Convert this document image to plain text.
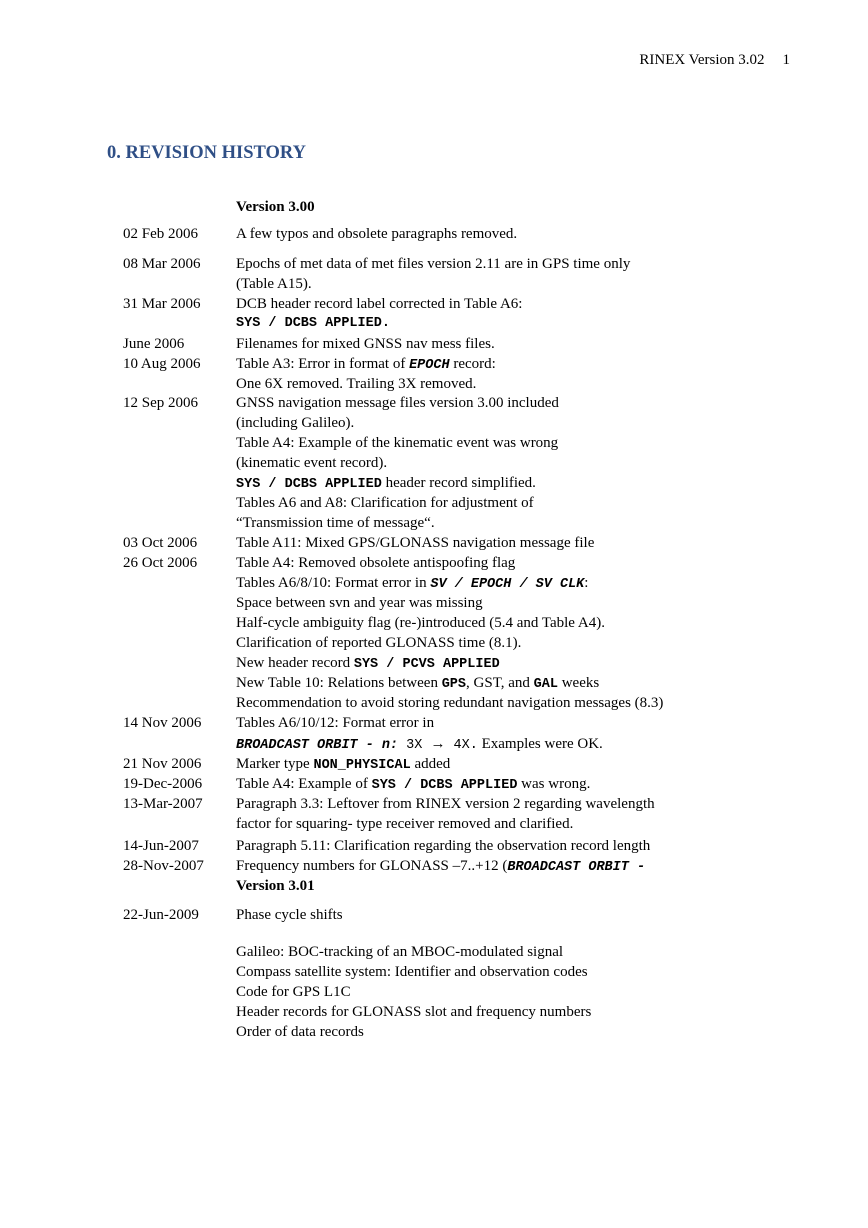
RINEX Version 3.02 1
0. REVISION HISTORY
Version 3.00
02 Feb 2006	A few typos and obsolete paragraphs removed.
08 Mar 2006 Epochs of met data of met files version 2.11 are in GPS time only
(Table A15).
31 Mar 2006 DCB header record label corrected in Table A6:
SYS / DCBS APPLIED.
June 2006	Filenames for mixed GNSS nav mess files.
10 Aug 2006 Table A3: Error in format of EPOCH record:
One 6X removed. Trailing 3X removed.
12 Sep 2006	GNSS navigation message files version 3.00 included
(including Galileo).
Table A4: Example of the kinematic event was wrong
(kinematic event record).
SYS / DCBS APPLIED header record simplified.
Tables A6 and A8: Clarification for adjustment of
“Transmission time of message“.
03 Oct 2006	Table A11: Mixed GPS/GLONASS navigation message file
26 Oct 2006	Table A4: Removed obsolete antispoofing flag
Tables A6/8/10: Format error in SV / EPOCH / SV CLK:
Space between svn and year was missing
Half-cycle ambiguity flag (re-)introduced (5.4 and Table A4).
Clarification of reported GLONASS time (8.1).
New header record SYS / PCVS APPLIED
New Table 10: Relations between GPS, GST, and GAL weeks
Recommendation to avoid storing redundant navigation messages (8.3)
14 Nov 2006 Tables A6/10/12: Format error in
BROADCAST ORBIT - n: 3X → 4X. Examples were OK.
21 Nov 2006 Marker type NON_PHYSICAL added
19-Dec-2006 Table A4: Example of SYS / DCBS APPLIED was wrong.
13-Mar-2007 Paragraph 3.3: Leftover from RINEX version 2 regarding wavelength
factor for squaring- type receiver removed and clarified.
14-Jun-2007 Paragraph 5.11: Clarification regarding the observation record length
28-Nov-2007 Frequency numbers for GLONASS –7..+12 (BROADCAST ORBIT -
Version 3.01
22-Jun-2009 Phase cycle shifts
Galileo: BOC-tracking of an MBOC-modulated signal
Compass satellite system: Identifier and observation codes
Code for GPS L1C
Header records for GLONASS slot and frequency numbers
Order of data records
